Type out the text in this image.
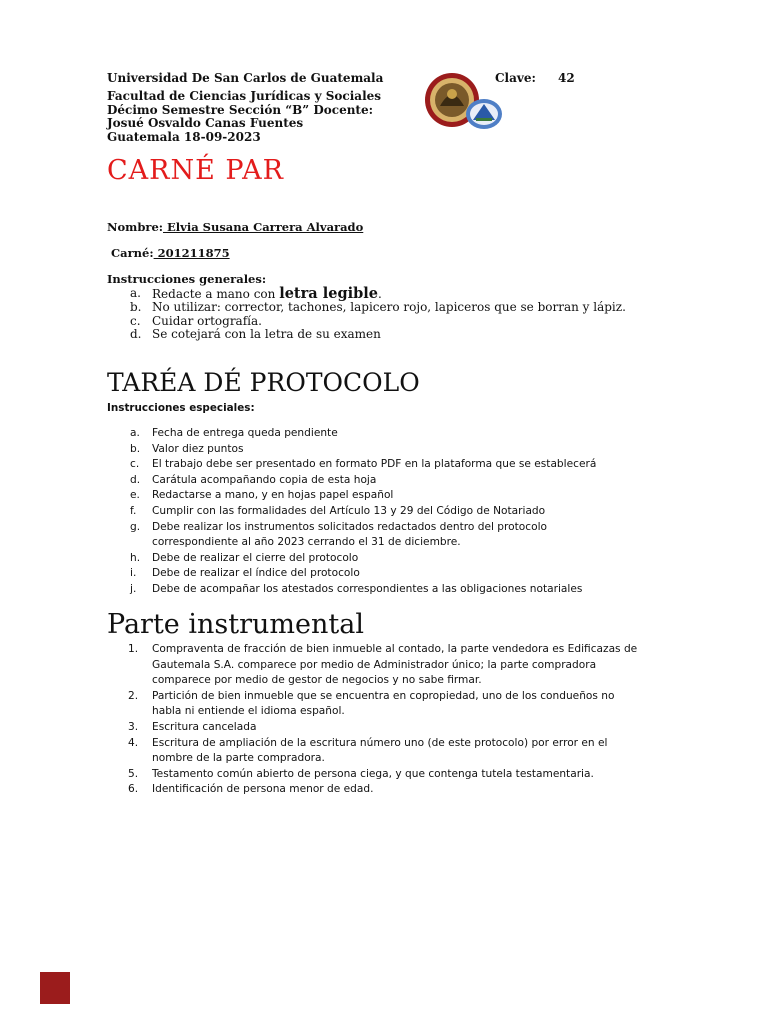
Universidad De San Carlos de Guatemala	Clave: 42
Facultad de Ciencias Jurídicas y Sociales
Décimo Semestre Sección “B” Docente:
Josué Osvaldo Canas Fuentes
Guatemala 18-09-2023
CARNÉ PAR
Nombre: Elvia Susana Carrera Alvarado
Carné: 201211875
Instrucciones generales:
a. Redacte a mano con letra legible.
b. No utilizar: corrector, tachones, lapicero rojo, lapiceros que se borran y lápiz.
c. Cuidar ortografía.
d. Se cotejará con la letra de su examen
TARÉA DÉ PROTOCOLO
Instrucciones especiales:
a.	Fecha de entrega queda pendiente
b.	Valor diez puntos
c.	El trabajo debe ser presentado en formato PDF en la plataforma que se establecerá
d.	Carátula acompañando copia de esta hoja
e.	Redactarse a mano, y en hojas papel español
f.	Cumplir con las formalidades del Artículo 13 y 29 del Código de Notariado
g.	Debe realizar los instrumentos solicitados redactados dentro del protocolo correspondiente al año 2023 cerrando el 31 de diciembre.
h.	Debe de realizar el cierre del protocolo
i.	Debe de realizar el índice del protocolo
j.	Debe de acompañar los atestados correspondientes a las obligaciones notariales
Parte instrumental
1.	Compraventa de fracción de bien inmueble al contado, la parte vendedora es Edificazas de Gautemala S.A. comparece por medio de Administrador único; la parte compradora comparece por medio de gestor de negocios y no sabe firmar.
2.	Partición de bien inmueble que se encuentra en copropiedad, uno de los condueños no habla ni entiende el idioma español.
3.	Escritura cancelada
4.	Escritura de ampliación de la escritura número uno (de este protocolo) por error en el nombre de la parte compradora.
5.	Testamento común abierto de persona ciega, y que contenga tutela testamentaria.
6.	Identificación de persona menor de edad.
